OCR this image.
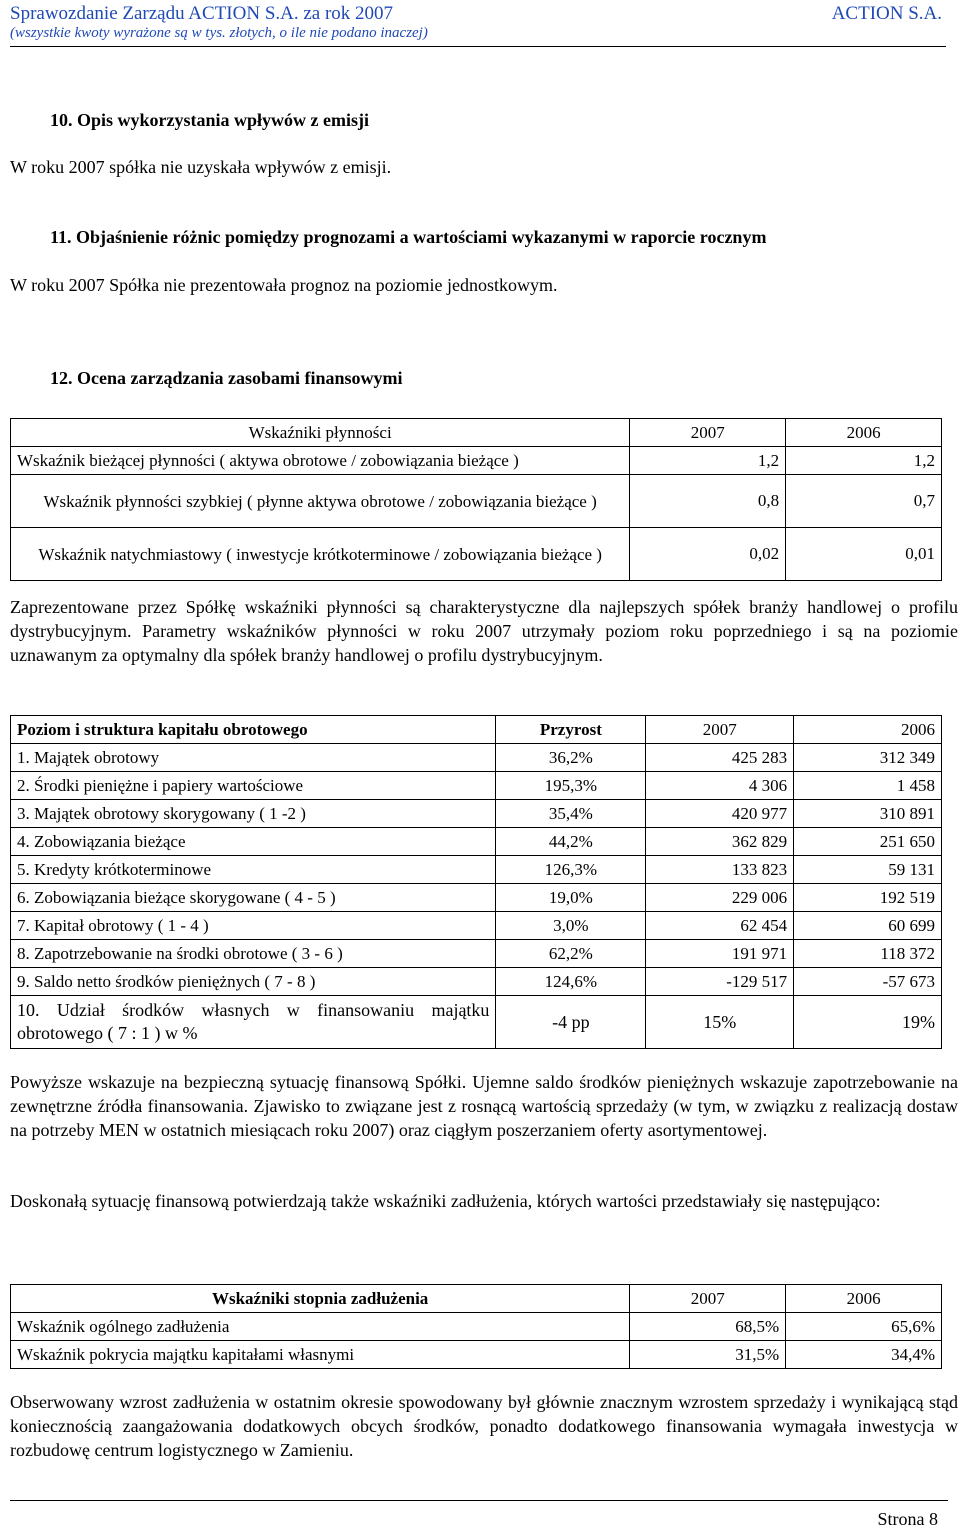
Sprawozdanie Zarządu ACTION S.A. za rok 2007	ACTION S.A.
(wszystkie kwoty wyrażone są w tys. złotych, o ile nie podano inaczej)
10. Opis wykorzystania wpływów z emisji
W roku 2007 spółka nie uzyskała wpływów z emisji.
11. Objaśnienie różnic pomiędzy prognozami a wartościami wykazanymi w raporcie rocznym
W roku 2007 Spółka nie prezentowała prognoz na poziomie jednostkowym.
12. Ocena zarządzania zasobami finansowymi
Wskaźniki płynności	2007	2006
Wskaźnik bieżącej płynności ( aktywa obrotowe / zobowiązania bieżące )	1,2	1,2
Wskaźnik płynności szybkiej ( płynne aktywa obrotowe / zobowiązania bieżące )	0,8	0,7
Wskaźnik natychmiastowy ( inwestycje krótkoterminowe / zobowiązania bieżące )	0,02	0,01
Zaprezentowane przez Spółkę wskaźniki płynności są charakterystyczne dla najlepszych spółek branży handlowej o profilu dystrybucyjnym. Parametry wskaźników płynności w roku 2007 utrzymały poziom roku poprzedniego i są na poziomie uznawanym za optymalny dla spółek branży handlowej o profilu dystrybucyjnym.
Poziom i struktura kapitału obrotowego	Przyrost	2007	2006
1. Majątek obrotowy	36,2%	425 283	312 349
2. Środki pieniężne i papiery wartościowe	195,3%	4 306	1 458
3. Majątek obrotowy skorygowany ( 1 -2 )	35,4%	420 977	310 891
4. Zobowiązania bieżące	44,2%	362 829	251 650
5. Kredyty krótkoterminowe	126,3%	133 823	59 131
6. Zobowiązania bieżące skorygowane ( 4 - 5 )	19,0%	229 006	192 519
7. Kapitał obrotowy ( 1 - 4 )	3,0%	62 454	60 699
8. Zapotrzebowanie na środki obrotowe ( 3 - 6 )	62,2%	191 971	118 372
9. Saldo netto środków pieniężnych ( 7 - 8 )	124,6%	-129 517	-57 673
10. Udział środków własnych w finansowaniu majątku obrotowego ( 7 : 1 ) w %	-4 pp	15%	19%
Powyższe wskazuje na bezpieczną sytuację finansową Spółki. Ujemne saldo środków pieniężnych wskazuje zapotrzebowanie na zewnętrzne źródła finansowania. Zjawisko to związane jest z rosnącą wartością sprzedaży (w tym, w związku z realizacją dostaw na potrzeby MEN w ostatnich miesiącach roku 2007) oraz ciągłym poszerzaniem oferty asortymentowej.
Doskonałą sytuację finansową potwierdzają także wskaźniki zadłużenia, których wartości przedstawiały się następująco:
Wskaźniki stopnia zadłużenia	2007	2006
Wskaźnik ogólnego zadłużenia	68,5%	65,6%
Wskaźnik pokrycia majątku kapitałami własnymi	31,5%	34,4%
Obserwowany wzrost zadłużenia w ostatnim okresie spowodowany był głównie znacznym wzrostem sprzedaży i wynikającą stąd koniecznością zaangażowania dodatkowych obcych środków, ponadto dodatkowego finansowania wymagała inwestycja w rozbudowę centrum logistycznego w Zamieniu.
Strona 8
